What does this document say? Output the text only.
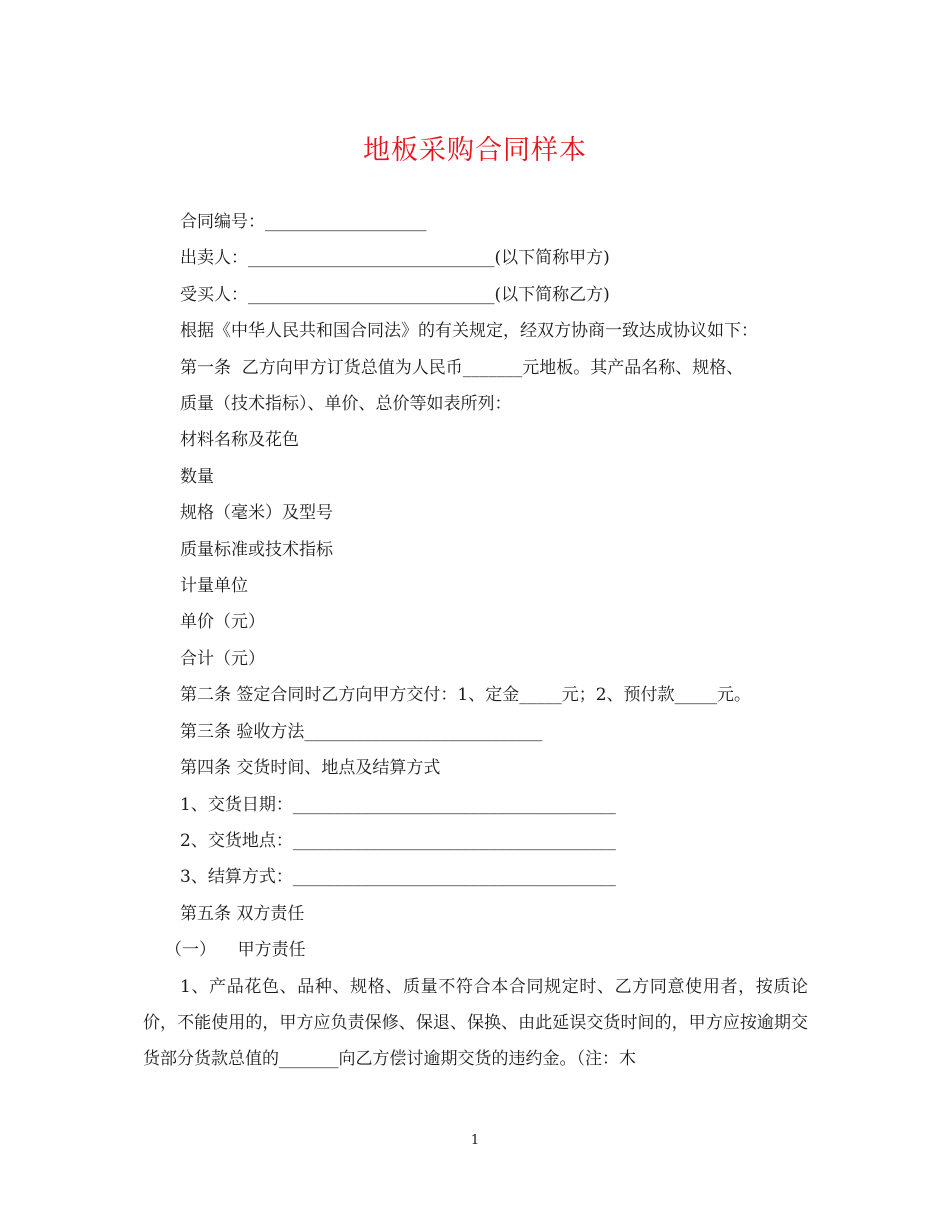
地板采购合同样本
合同编号：___________________
出卖人：_____________________________(以下简称甲方)
受买人：_____________________________(以下简称乙方)
根据《中华人民共和国合同法》的有关规定，经双方协商一致达成协议如下：
第一条  乙方向甲方订货总值为人民币_______元地板。其产品名称、规格、
质量（技术指标）、单价、总价等如表所列：
材料名称及花色
数量
规格（毫米）及型号
质量标准或技术指标
计量单位
单价（元）
合计（元）
第二条 签定合同时乙方向甲方交付：1、定金_____元；2、预付款_____元。
第三条 验收方法____________________________
第四条 交货时间、地点及结算方式
1、交货日期：______________________________________
2、交货地点：______________________________________
3、结算方式：______________________________________
第五条 双方责任
（一）    甲方责任
1、产品花色、品种、规格、质量不符合本合同规定时、乙方同意使用者，按质论价，不能使用的，甲方应负责保修、保退、保换、由此延误交货时间的，甲方应按逾期交货部分货款总值的_______向乙方偿讨逾期交货的违约金。（注：木
1
